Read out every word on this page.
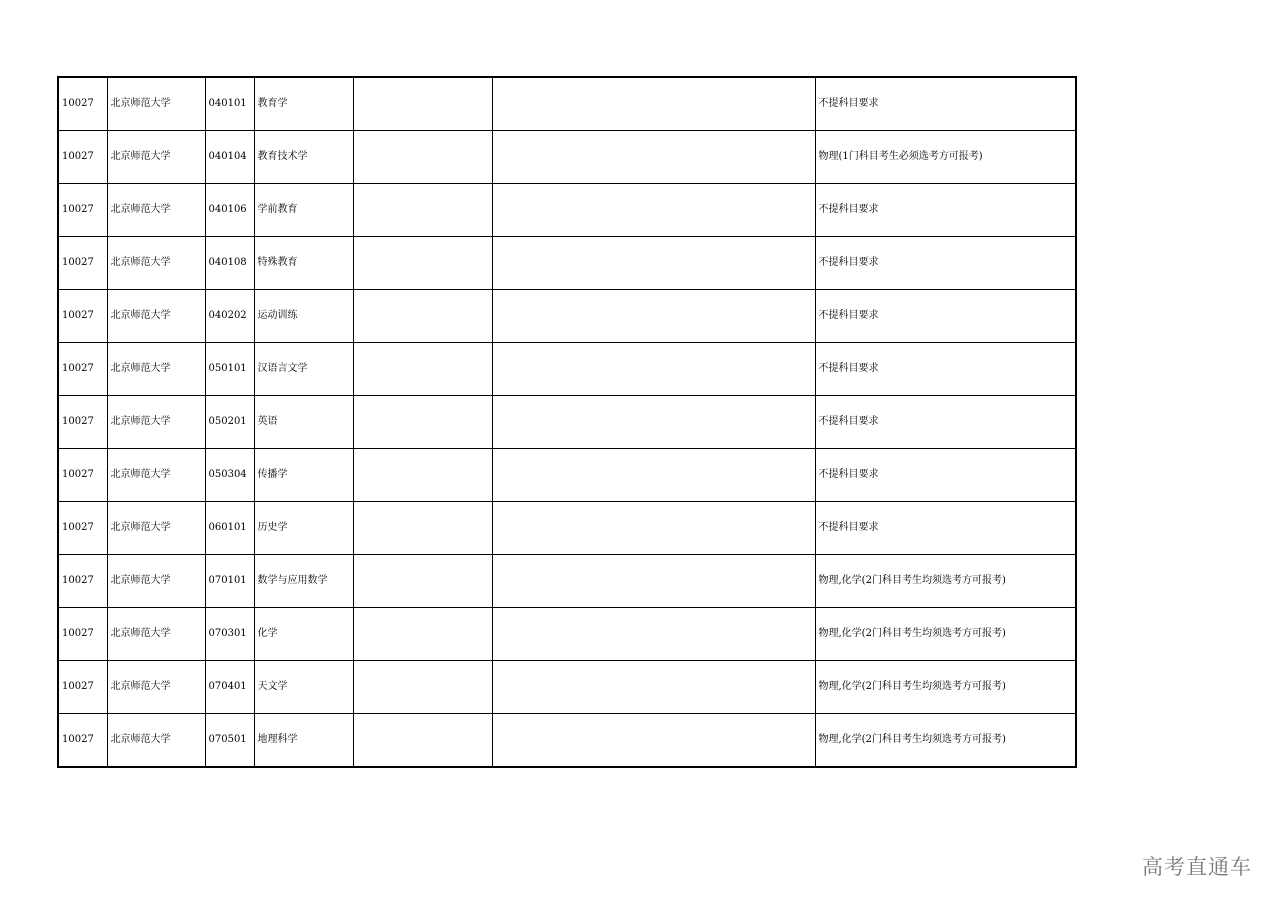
10027	北京师范大学	040101	教育学			不提科目要求
10027	北京师范大学	040104	教育技术学			物理(1门科目考生必须选考方可报考)
10027	北京师范大学	040106	学前教育			不提科目要求
10027	北京师范大学	040108	特殊教育			不提科目要求
10027	北京师范大学	040202	运动训练			不提科目要求
10027	北京师范大学	050101	汉语言文学			不提科目要求
10027	北京师范大学	050201	英语			不提科目要求
10027	北京师范大学	050304	传播学			不提科目要求
10027	北京师范大学	060101	历史学			不提科目要求
10027	北京师范大学	070101	数学与应用数学			物理,化学(2门科目考生均须选考方可报考)
10027	北京师范大学	070301	化学			物理,化学(2门科目考生均须选考方可报考)
10027	北京师范大学	070401	天文学			物理,化学(2门科目考生均须选考方可报考)
10027	北京师范大学	070501	地理科学			物理,化学(2门科目考生均须选考方可报考)
高考直通车
